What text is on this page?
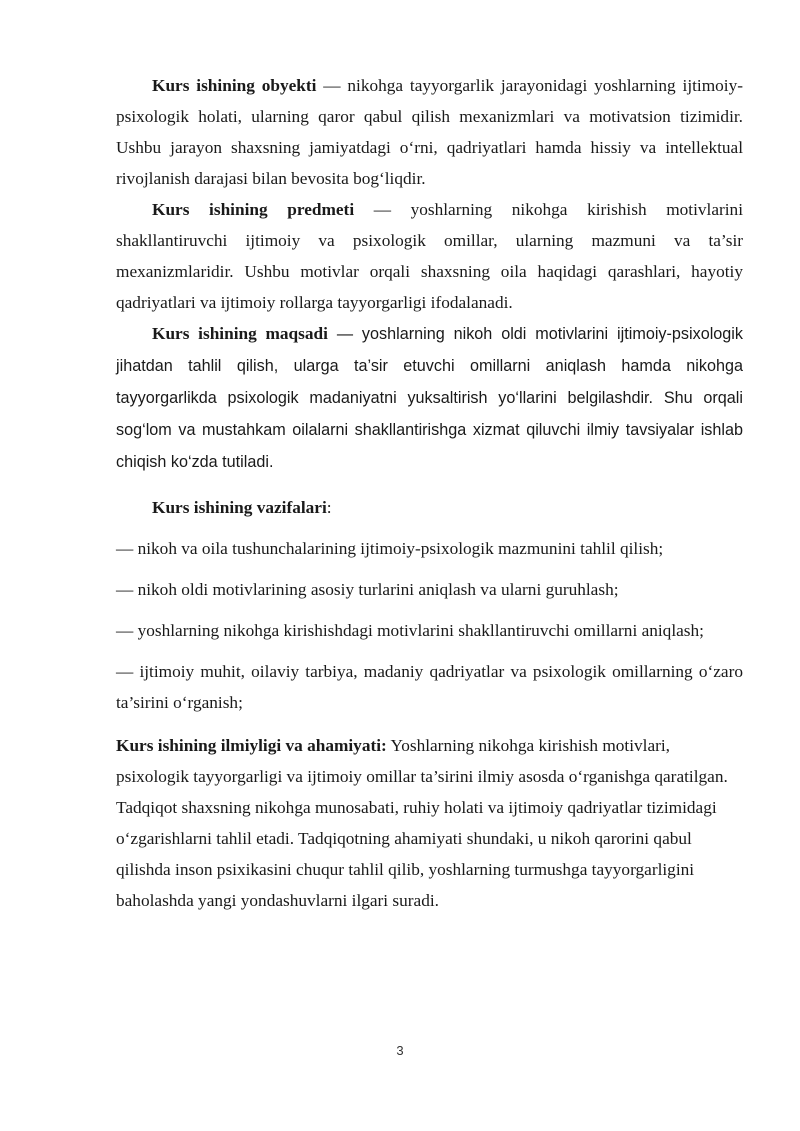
Kurs ishining obyekti — nikohga tayyorgarlik jarayonidagi yoshlarning ijtimoiy-psixologik holati, ularning qaror qabul qilish mexanizmlari va motivatsion tizimidir. Ushbu jarayon shaxsning jamiyatdagi o‘rni, qadriyatlari hamda hissiy va intellektual rivojlanish darajasi bilan bevosita bog‘liqdir.

Kurs ishining predmeti — yoshlarning nikohga kirishish motivlarini shakllantiruvchi ijtimoiy va psixologik omillar, ularning mazmuni va ta’sir mexanizmlaridir. Ushbu motivlar orqali shaxsning oila haqidagi qarashlari, hayotiy qadriyatlari va ijtimoiy rollarga tayyorgarligi ifodalanadi.

Kurs ishining maqsadi — yoshlarning nikoh oldi motivlarini ijtimoiy-psixologik jihatdan tahlil qilish, ularga ta’sir etuvchi omillarni aniqlash hamda nikohga tayyorgarlikda psixologik madaniyatni yuksaltirish yo‘llarini belgilashdir. Shu orqali sog‘lom va mustahkam oilalarni shakllantirishga xizmat qiluvchi ilmiy tavsiyalar ishlab chiqish ko‘zda tutiladi.

Kurs ishining vazifalari:

— nikoh va oila tushunchalarining ijtimoiy-psixologik mazmunini tahlil qilish;

— nikoh oldi motivlarining asosiy turlarini aniqlash va ularni guruhlash;

— yoshlarning nikohga kirishishdagi motivlarini shakllantiruvchi omillarni aniqlash;

— ijtimoiy muhit, oilaviy tarbiya, madaniy qadriyatlar va psixologik omillarning o‘zaro ta’sirini o‘rganish;

Kurs ishining ilmiyligi va ahamiyati: Yoshlarning nikohga kirishish motivlari, psixologik tayyorgarligi va ijtimoiy omillar ta’sirini ilmiy asosda o‘rganishga qaratilgan. Tadqiqot shaxsning nikohga munosabati, ruhiy holati va ijtimoiy qadriyatlar tizimidagi o‘zgarishlarni tahlil etadi. Tadqiqotning ahamiyati shundaki, u nikoh qarorini qabul qilishda inson psixikasini chuqur tahlil qilib, yoshlarning turmushga tayyorgarligini baholashda yangi yondashuvlarni ilgari suradi.

3
